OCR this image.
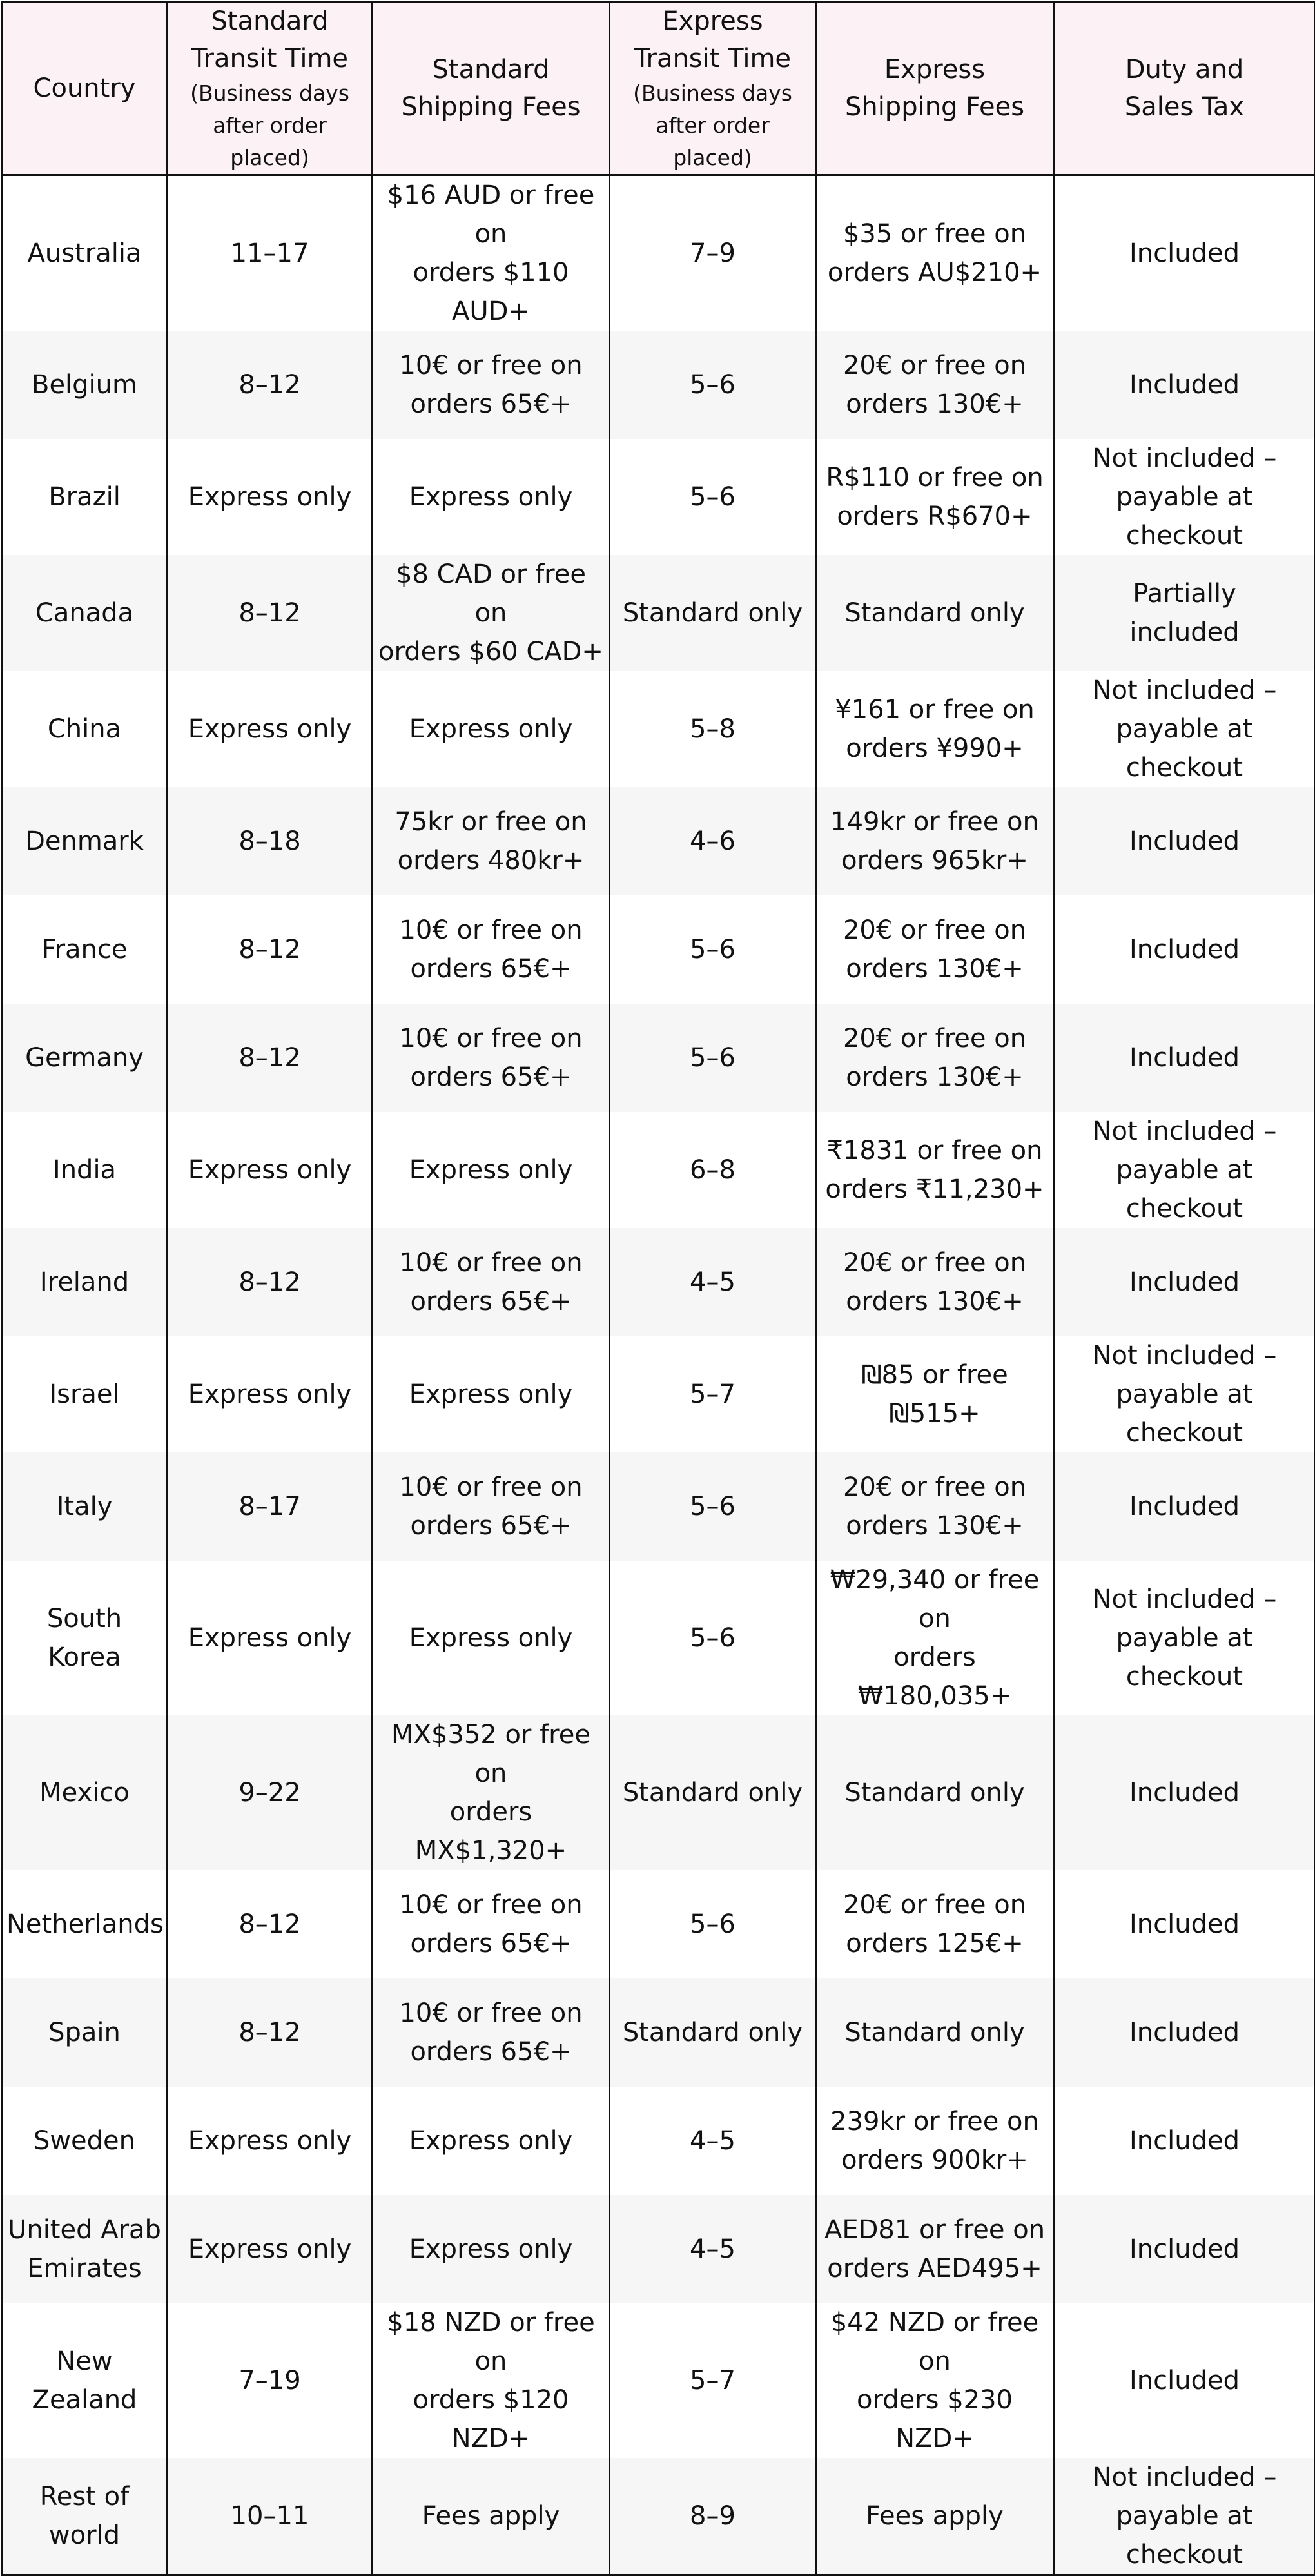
Country	Standard
Transit Time
(Business days
after order placed)	Standard
Shipping Fees	Express
Transit Time
(Business days
after order placed)	Express
Shipping Fees	Duty and
Sales Tax

Australia	11–17	$16 AUD or free on
orders $110 AUD+	7–9	$35 or free on
orders AU$210+	Included

Belgium	8–12	10€ or free on
orders 65€+	5–6	20€ or free on
orders 130€+	Included

Brazil	Express only	Express only	5–6	R$110 or free on
orders R$670+	Not included –
payable at checkout

Canada	8–12	$8 CAD or free on
orders $60 CAD+	Standard only	Standard only	Partially
included

China	Express only	Express only	5–8	¥161 or free on
orders ¥990+	Not included –
payable at checkout

Denmark	8–18	75kr or free on
orders 480kr+	4–6	149kr or free on
orders 965kr+	Included

France	8–12	10€ or free on
orders 65€+	5–6	20€ or free on
orders 130€+	Included

Germany	8–12	10€ or free on
orders 65€+	5–6	20€ or free on
orders 130€+	Included

India	Express only	Express only	6–8	₹1831 or free on
orders ₹11,230+	Not included –
payable at checkout

Ireland	8–12	10€ or free on
orders 65€+	4–5	20€ or free on
orders 130€+	Included

Israel	Express only	Express only	5–7	₪85 or free ₪515+	Not included –
payable at checkout

Italy	8–17	10€ or free on
orders 65€+	5–6	20€ or free on
orders 130€+	Included

South
Korea	Express only	Express only	5–6	₩29,340 or free on
orders ₩180,035+	Not included –
payable at checkout

Mexico	9–22	MX$352 or free on
orders MX$1,320+	Standard only	Standard only	Included

Netherlands	8–12	10€ or free on
orders 65€+	5–6	20€ or free on
orders 125€+	Included

Spain	8–12	10€ or free on
orders 65€+	Standard only	Standard only	Included

Sweden	Express only	Express only	4–5	239kr or free on
orders 900kr+	Included

United Arab
Emirates	Express only	Express only	4–5	AED81 or free on
orders AED495+	Included

New Zealand	7–19	$18 NZD or free on
orders $120 NZD+	5–7	$42 NZD or free on
orders $230 NZD+	Included

Rest of
world	10–11	Fees apply	8–9	Fees apply	Not included –
payable at checkout
